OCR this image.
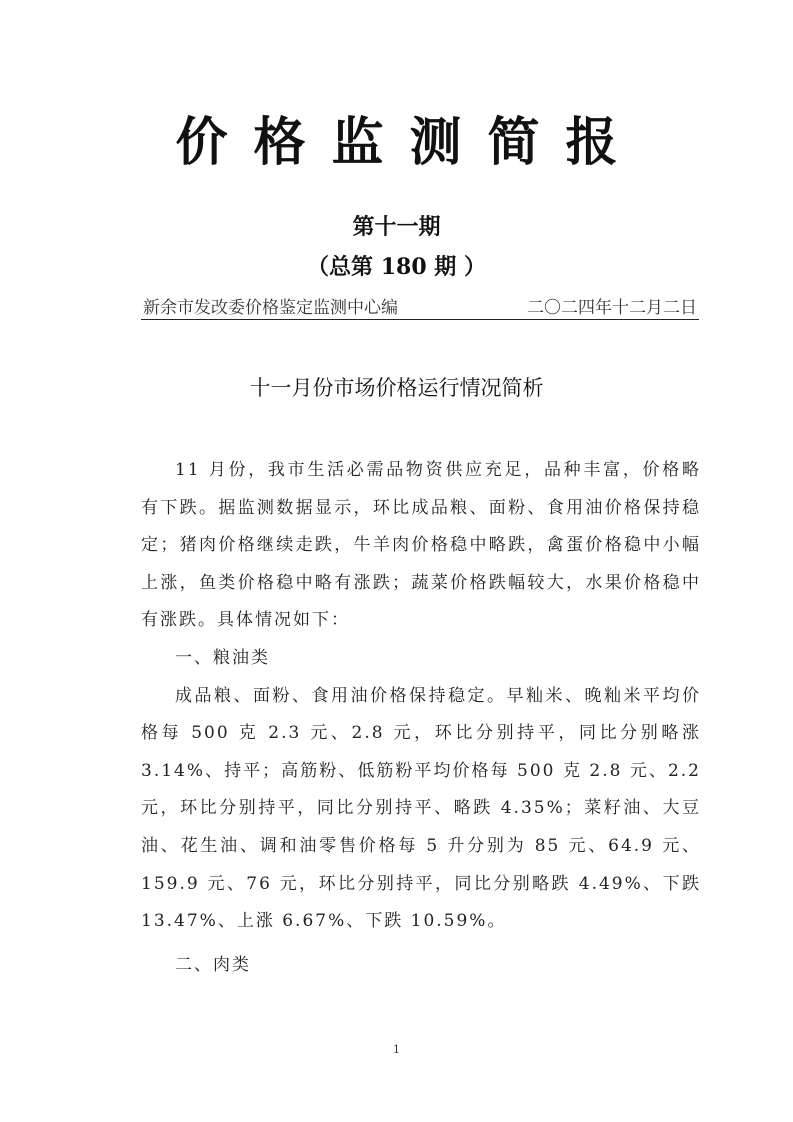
价格监测简报
第十一期
（总第 180 期 ）
新余市发改委价格鉴定监测中心编	二〇二四年十二月二日
十一月份市场价格运行情况简析

11 月份，我市生活必需品物资供应充足，品种丰富，价格略有下跌。据监测数据显示，环比成品粮、面粉、食用油价格保持稳定；猪肉价格继续走跌，牛羊肉价格稳中略跌，禽蛋价格稳中小幅上涨，鱼类价格稳中略有涨跌；蔬菜价格跌幅较大，水果价格稳中有涨跌。具体情况如下：

一、粮油类

成品粮、面粉、食用油价格保持稳定。早籼米、晚籼米平均价格每 500 克 2.3 元、2.8 元，环比分别持平，同比分别略涨 3.14%、持平；高筋粉、低筋粉平均价格每 500 克 2.8 元、2.2 元，环比分别持平，同比分别持平、略跌 4.35%；菜籽油、大豆油、花生油、调和油零售价格每 5 升分别为 85 元、64.9 元、159.9 元、76 元，环比分别持平，同比分别略跌 4.49%、下跌 13.47%、上涨 6.67%、下跌 10.59%。

二、肉类

1
